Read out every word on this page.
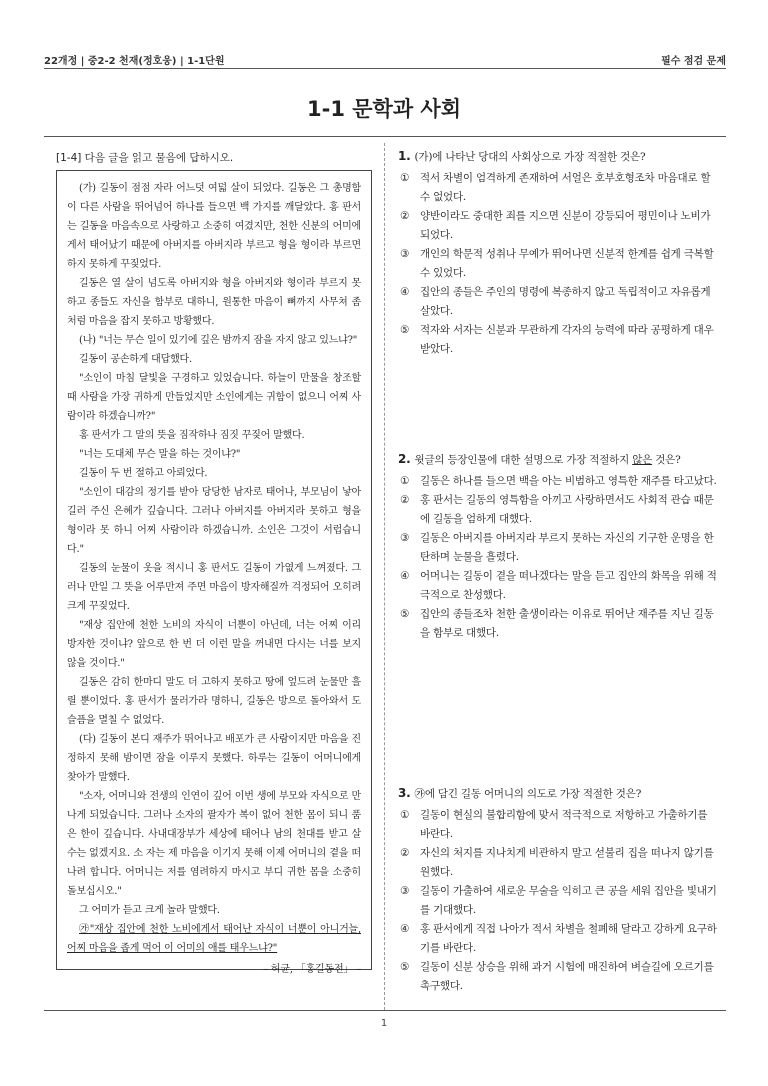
22개정 | 중2-2 천재(정호웅) | 1-1단원	필수 점검 문제
1-1 문학과 사회
[1-4] 다음 글을 읽고 물음에 답하시오.

(가) 길동이 점점 자라 어느덧 여덟 살이 되었다. 길동은 그 총명함이 다른 사람을 뛰어넘어 하나를 들으면 백 가지를 깨달았다. 홍 판서는 길동을 마음속으로 사랑하고 소중히 여겼지만, 천한 신분의 어미에게서 태어났기 때문에 아버지를 아버지라 부르고 형을 형이라 부르면 하지 못하게 꾸짖었다.

길동은 열 살이 넘도록 아버지와 형을 아버지와 형이라 부르지 못하고 종들도 자신을 함부로 대하니, 원통한 마음이 뼈까지 사무쳐 좀처럼 마음을 잡지 못하고 방황했다.

(나) "너는 무슨 일이 있기에 깊은 밤까지 잠을 자지 않고 있느냐?"

길동이 공손하게 대답했다.

"소인이 마침 달빛을 구경하고 있었습니다. 하늘이 만물을 창조할 때 사람을 가장 귀하게 만들었지만 소인에게는 귀함이 없으니 어찌 사람이라 하겠습니까?"

홍 판서가 그 말의 뜻을 짐작하나 짐짓 꾸짖어 말했다.

"너는 도대체 무슨 말을 하는 것이냐?"

길동이 두 번 절하고 아뢰었다.

"소인이 대감의 정기를 받아 당당한 남자로 태어나, 부모님이 낳아 길러 주신 은혜가 깊습니다. 그러나 아버지를 아버지라 못하고 형을 형이라 못 하니 어찌 사람이라 하겠습니까. 소인은 그것이 서럽습니다."

길동의 눈물이 옷을 적시니 홍 판서도 길동이 가엾게 느껴졌다. 그러나 만일 그 뜻을 어루만져 주면 마음이 방자해질까 걱정되어 오히려 크게 꾸짖었다.

"재상 집안에 천한 노비의 자식이 너뿐이 아닌데, 너는 어찌 이리 방자한 것이냐? 앞으로 한 번 더 이런 말을 꺼내면 다시는 너를 보지 않을 것이다."

길동은 감히 한마디 말도 더 고하지 못하고 땅에 엎드려 눈물만 흘릴 뿐이었다. 홍 판서가 물러가라 명하니, 길동은 방으로 돌아와서 도 슬픔을 멸칠 수 없었다.

(다) 길동이 본디 재주가 뛰어나고 배포가 큰 사람이지만 마음을 진정하지 못해 밤이면 잠을 이루지 못했다. 하루는 길동이 어머니에게 찾아가 말했다.

"소자, 어머니와 전생의 인연이 깊어 이번 생에 부모와 자식으로 만나게 되었습니다. 그러나 소자의 팔자가 복이 없어 천한 몸이 되니 품은 한이 깊습니다. 사내대장부가 세상에 태어나 남의 천대를 받고 살 수는 없겠지요. 소 자는 제 마음을 이기지 못해 이제 어머니의 곁을 떠나려 합니다. 어머니는 저를 염려하지 마시고 부디 귀한 몸을 소중히 돌보십시오."

그 어미가 듣고 크게 놀라 말했다.

㉮"재상 집안에 천한 노비에게서 태어난 자식이 너뿐이 아니거늘, 어찌 마음을 좁게 먹어 이 어미의 애를 태우느냐?"

– 허균, 「홍길동전」 –

1. (가)에 나타난 당대의 사회상으로 가장 적절한 것은?

①	적서 차별이 엄격하게 존재하여 서얼은 호부호형조차 마음대로 할 수 없었다.
②	양반이라도 중대한 죄를 지으면 신분이 강등되어 평민이나 노비가 되었다.
③	개인의 학문적 성취나 무예가 뛰어나면 신분적 한계를 쉽게 극복할 수 있었다.
④	집안의 종들은 주인의 명령에 복종하지 않고 독립적이고 자유롭게 살았다.
⑤	적자와 서자는 신분과 무관하게 각자의 능력에 따라 공평하게 대우받았다.

2. 윗글의 등장인물에 대한 설명으로 가장 적절하지 않은 것은?

①	길동은 하나를 들으면 백을 아는 비범하고 영특한 재주를 타고났다.
②	홍 판서는 길동의 영특함을 아끼고 사랑하면서도 사회적 관습 때문에 길동을 엄하게 대했다.
③	길동은 아버지를 아버지라 부르지 못하는 자신의 기구한 운명을 한탄하며 눈물을 흘렸다.
④	어머니는 길동이 곁을 떠나겠다는 말을 듣고 집안의 화목을 위해 적극적으로 찬성했다.
⑤	집안의 종들조차 천한 출생이라는 이유로 뛰어난 재주를 지닌 길동을 함부로 대했다.

3. ㉮에 담긴 길동 어머니의 의도로 가장 적절한 것은?

①	길동이 현실의 불합리함에 맞서 적극적으로 저항하고 가출하기를 바란다.
②	자신의 처지를 지나치게 비관하지 말고 섣불리 집을 떠나지 않기를 원했다.
③	길동이 가출하여 새로운 무술을 익히고 큰 공을 세워 집안을 빛내기를 기대했다.
④	홍 판서에게 직접 나아가 적서 차별을 철폐해 달라고 강하게 요구하기를 바란다.
⑤	길동이 신분 상승을 위해 과거 시험에 매진하여 벼슬길에 오르기를 촉구했다.
1
